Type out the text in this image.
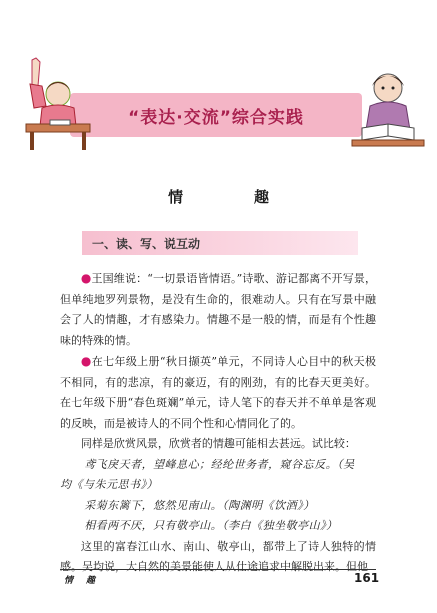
“表达·交流”综合实践
情　趣
一、读、写、说互动

●王国维说：“一切景语皆情语。”诗歌、游记都离不开写景，但单纯地罗列景物，是没有生命的，很难动人。只有在写景中融会了人的情趣，才有感染力。情趣不是一般的情，而是有个性趣味的特殊的情。

●在七年级上册“秋日撷英”单元，不同诗人心目中的秋天极不相同，有的悲凉，有的豪迈，有的刚劲，有的比春天更美好。在七年级下册“春色斑斓”单元，诗人笔下的春天并不单单是客观的反映，而是被诗人的不同个性和心情同化了的。

同样是欣赏风景，欣赏者的情趣可能相去甚远。试比较：

鸢飞戾天者，望峰息心；经纶世务者，窥谷忘反。（吴

均《与朱元思书》）

采菊东篱下，悠然见南山。（陶渊明《饮酒》）

相看两不厌，只有敬亭山。（李白《独坐敬亭山》）

这里的富春江山水、南山、敬亭山，都带上了诗人独特的情感。吴均说，大自然的美景能使人从仕途追求中解脱出来。但他

情　趣	161
